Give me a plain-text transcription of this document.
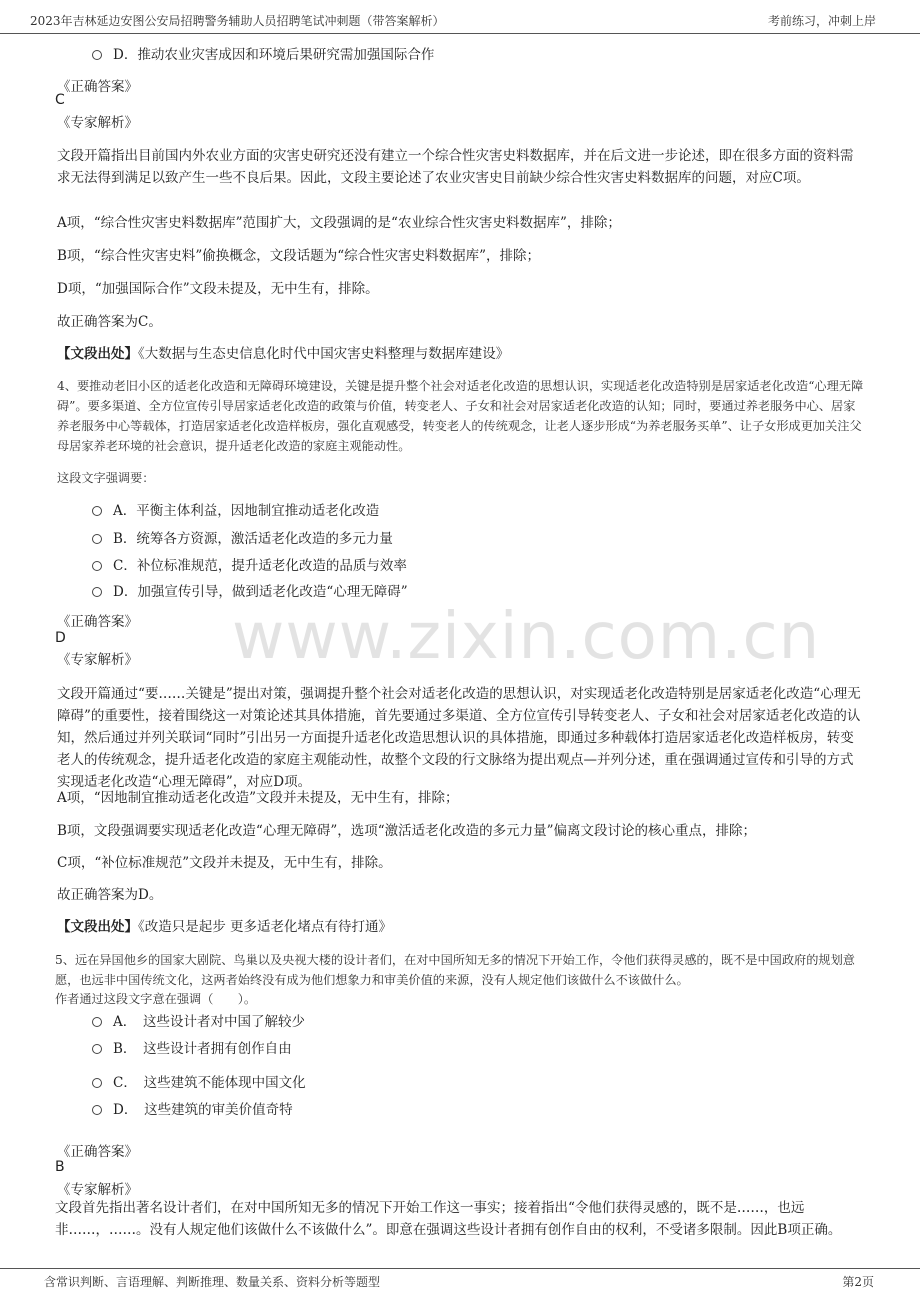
2023年吉林延边安图公安局招聘警务辅助人员招聘笔试冲刺题（带答案解析）	考前练习，冲刺上岸
www.zixin.com.cn
D．推动农业灾害成因和环境后果研究需加强国际合作
《正确答案》
C
《专家解析》
文段开篇指出目前国内外农业方面的灾害史研究还没有建立一个综合性灾害史料数据库，并在后文进一步论述，即在很多方面的资料需求无法得到满足以致产生一些不良后果。因此，文段主要论述了农业灾害史目前缺少综合性灾害史料数据库的问题，对应C项。
A项，“综合性灾害史料数据库”范围扩大，文段强调的是“农业综合性灾害史料数据库”，排除；
B项，“综合性灾害史料”偷换概念，文段话题为“综合性灾害史料数据库”，排除；
D项，“加强国际合作”文段未提及，无中生有，排除。
故正确答案为C。
【文段出处】《大数据与生态史信息化时代中国灾害史料整理与数据库建设》
4、要推动老旧小区的适老化改造和无障碍环境建设，关键是提升整个社会对适老化改造的思想认识，实现适老化改造特别是居家适老化改造“心理无障碍”。要多渠道、全方位宣传引导居家适老化改造的政策与价值，转变老人、子女和社会对居家适老化改造的认知；同时，要通过养老服务中心、居家养老服务中心等载体，打造居家适老化改造样板房，强化直观感受，转变老人的传统观念，让老人逐步形成“为养老服务买单”、让子女形成更加关注父母居家养老环境的社会意识，提升适老化改造的家庭主观能动性。
这段文字强调要：
A．平衡主体利益，因地制宜推动适老化改造
B．统筹各方资源，激活适老化改造的多元力量
C．补位标准规范，提升适老化改造的品质与效率
D．加强宣传引导，做到适老化改造“心理无障碍”
《正确答案》
D
《专家解析》
文段开篇通过“要……关键是”提出对策，强调提升整个社会对适老化改造的思想认识，对实现适老化改造特别是居家适老化改造“心理无障碍”的重要性，接着围绕这一对策论述其具体措施，首先要通过多渠道、全方位宣传引导转变老人、子女和社会对居家适老化改造的认知，然后通过并列关联词“同时”引出另一方面提升适老化改造思想认识的具体措施，即通过多种载体打造居家适老化改造样板房，转变老人的传统观念，提升适老化改造的家庭主观能动性，故整个文段的行文脉络为提出观点—并列分述，重在强调通过宣传和引导的方式实现适老化改造“心理无障碍”，对应D项。
A项，“因地制宜推动适老化改造”文段并未提及，无中生有，排除；
B项，文段强调要实现适老化改造“心理无障碍”，选项“激活适老化改造的多元力量”偏离文段讨论的核心重点，排除；
C项，“补位标准规范”文段并未提及，无中生有，排除。
故正确答案为D。
【文段出处】《改造只是起步 更多适老化堵点有待打通》
5、远在异国他乡的国家大剧院、鸟巢以及央视大楼的设计者们，在对中国所知无多的情况下开始工作，令他们获得灵感的，既不是中国政府的规划意愿，也远非中国传统文化，这两者始终没有成为他们想象力和审美价值的来源，没有人规定他们该做什么不该做什么。
作者通过这段文字意在强调（　　）。
A．　这些设计者对中国了解较少
B．　这些设计者拥有创作自由
C．　这些建筑不能体现中国文化
D．　这些建筑的审美价值奇特
《正确答案》
B
《专家解析》
文段首先指出著名设计者们，在对中国所知无多的情况下开始工作这一事实；接着指出“令他们获得灵感的，既不是……，也远非……，……。没有人规定他们该做什么不该做什么”。即意在强调这些设计者拥有创作自由的权利，不受诸多限制。因此B项正确。
含常识判断、言语理解、判断推理、数量关系、资料分析等题型	第2页
